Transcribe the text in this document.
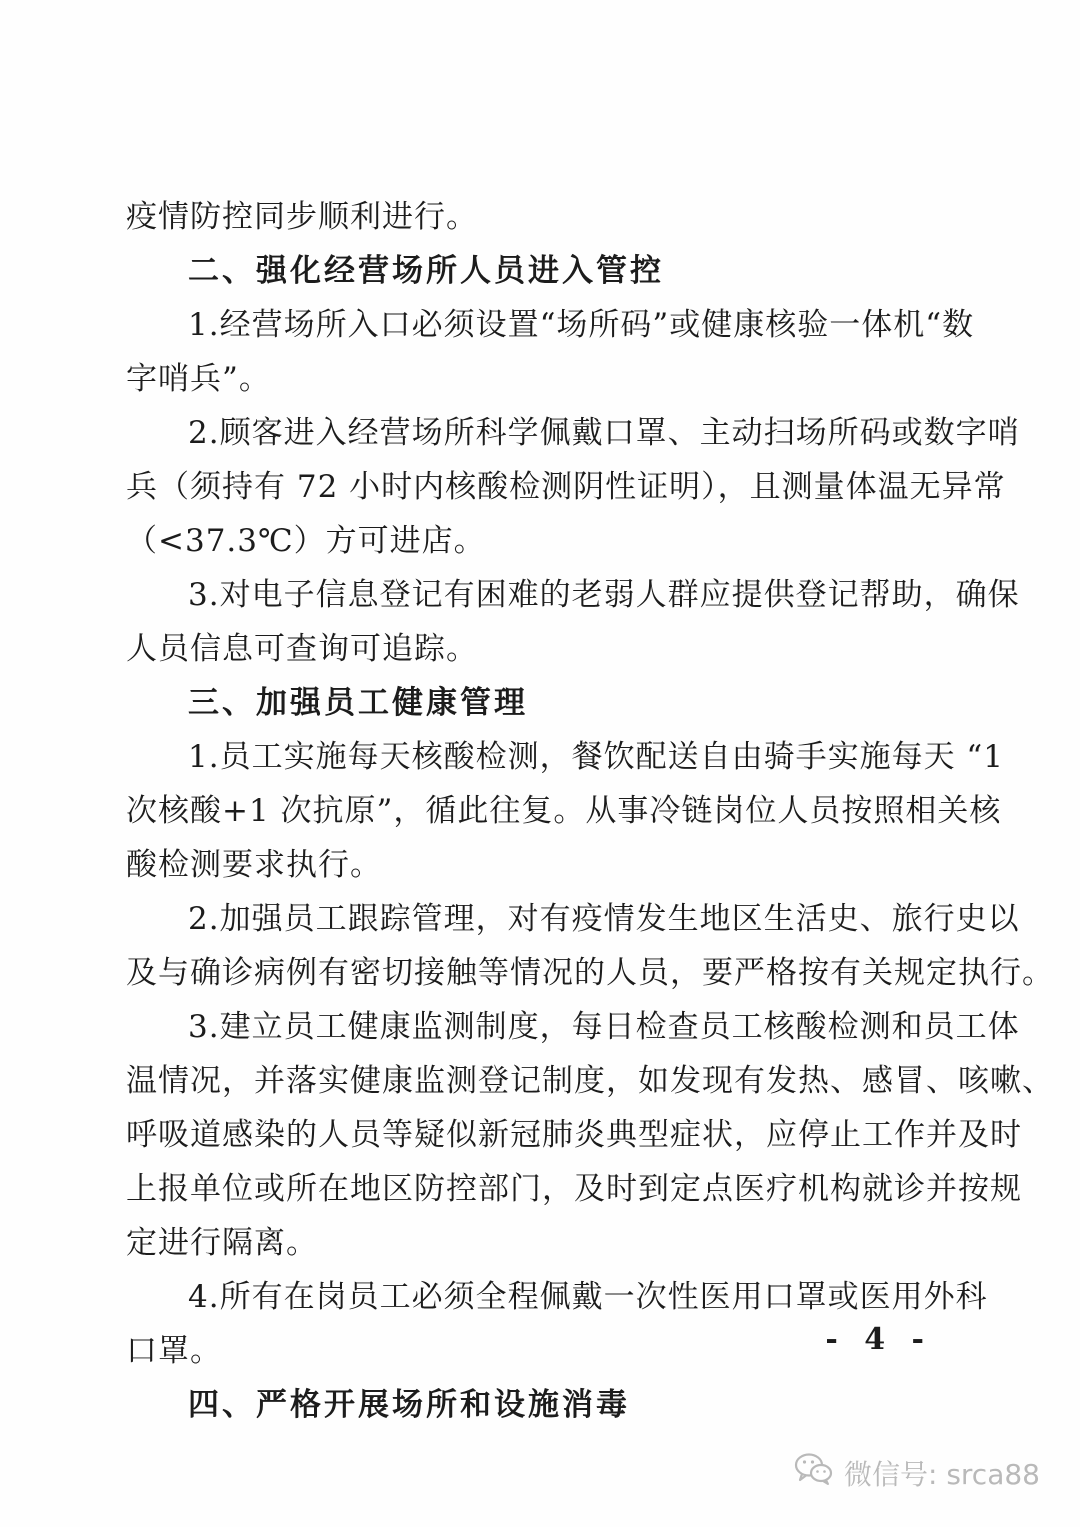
疫情防控同步顺利进行。
二、强化经营场所人员进入管控
1.经营场所入口必须设置“场所码”或健康核验一体机“数
字哨兵”。
2.顾客进入经营场所科学佩戴口罩、主动扫场所码或数字哨
兵（须持有 72 小时内核酸检测阴性证明），且测量体温无异常
（<37.3℃）方可进店。
3.对电子信息登记有困难的老弱人群应提供登记帮助，确保
人员信息可查询可追踪。
三、加强员工健康管理
1.员工实施每天核酸检测，餐饮配送自由骑手实施每天 “1
次核酸+1 次抗原”，循此往复。从事冷链岗位人员按照相关核
酸检测要求执行。
2.加强员工跟踪管理，对有疫情发生地区生活史、旅行史以
及与确诊病例有密切接触等情况的人员，要严格按有关规定执行。
3.建立员工健康监测制度，每日检查员工核酸检测和员工体
温情况，并落实健康监测登记制度，如发现有发热、感冒、咳嗽、
呼吸道感染的人员等疑似新冠肺炎典型症状，应停止工作并及时
上报单位或所在地区防控部门，及时到定点医疗机构就诊并按规
定进行隔离。
4.所有在岗员工必须全程佩戴一次性医用口罩或医用外科
口罩。
四、严格开展场所和设施消毒
- 4 -
微信号: srca88
